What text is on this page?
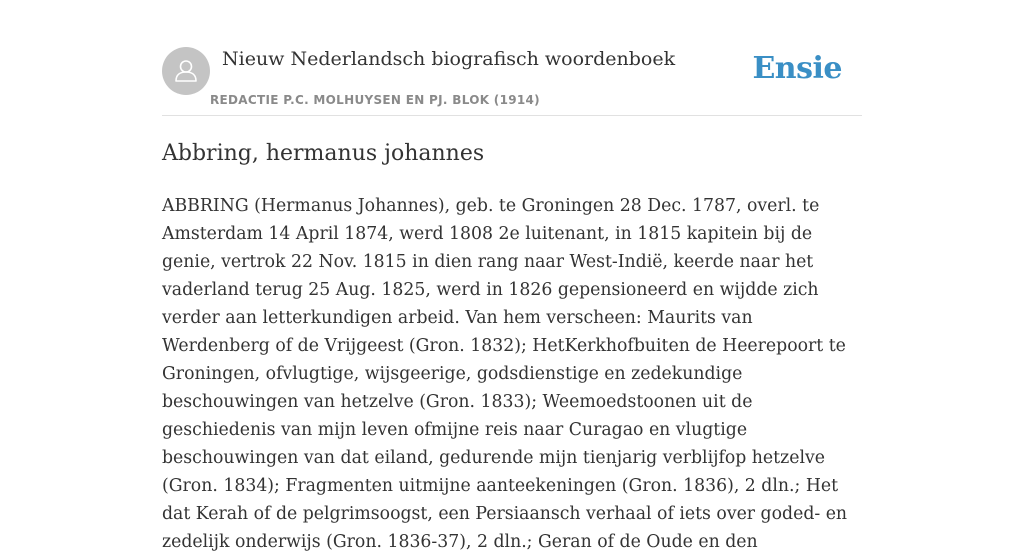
Nieuw Nederlandsch biografisch woordenboek
REDACTIE P.C. MOLHUYSEN EN PJ. BLOK (1914)
Ensie
Abbring, hermanus johannes

ABBRING (Hermanus Johannes), geb. te Groningen 28 Dec. 1787, overl. te Amsterdam 14 April 1874, werd 1808 2e luitenant, in 1815 kapitein bij de genie, vertrok 22 Nov. 1815 in dien rang naar West-Indië, keerde naar het vaderland terug 25 Aug. 1825, werd in 1826 gepensioneerd en wijdde zich verder aan letterkundigen arbeid. Van hem verscheen: Maurits van Werdenberg of de Vrijgeest (Gron. 1832); HetKerkhofbuiten de Heerepoort te Groningen, ofvlugtige, wijsgeerige, godsdienstige en zedekundige beschouwingen van hetzelve (Gron. 1833); Weemoedstoonen uit de geschiedenis van mijn leven ofmijne reis naar Curagao en vlugtige beschouwingen van dat eiland, gedurende mijn tienjarig verblijfop hetzelve (Gron. 1834); Fragmenten uitmijne aanteekeningen (Gron. 1836), 2 dln.; Het dat Kerah of de pelgrimsoogst, een Persiaansch verhaal of iets over goded- en zedelijk onderwijs (Gron. 1836-37), 2 dln.; Geran of de Oude en den
